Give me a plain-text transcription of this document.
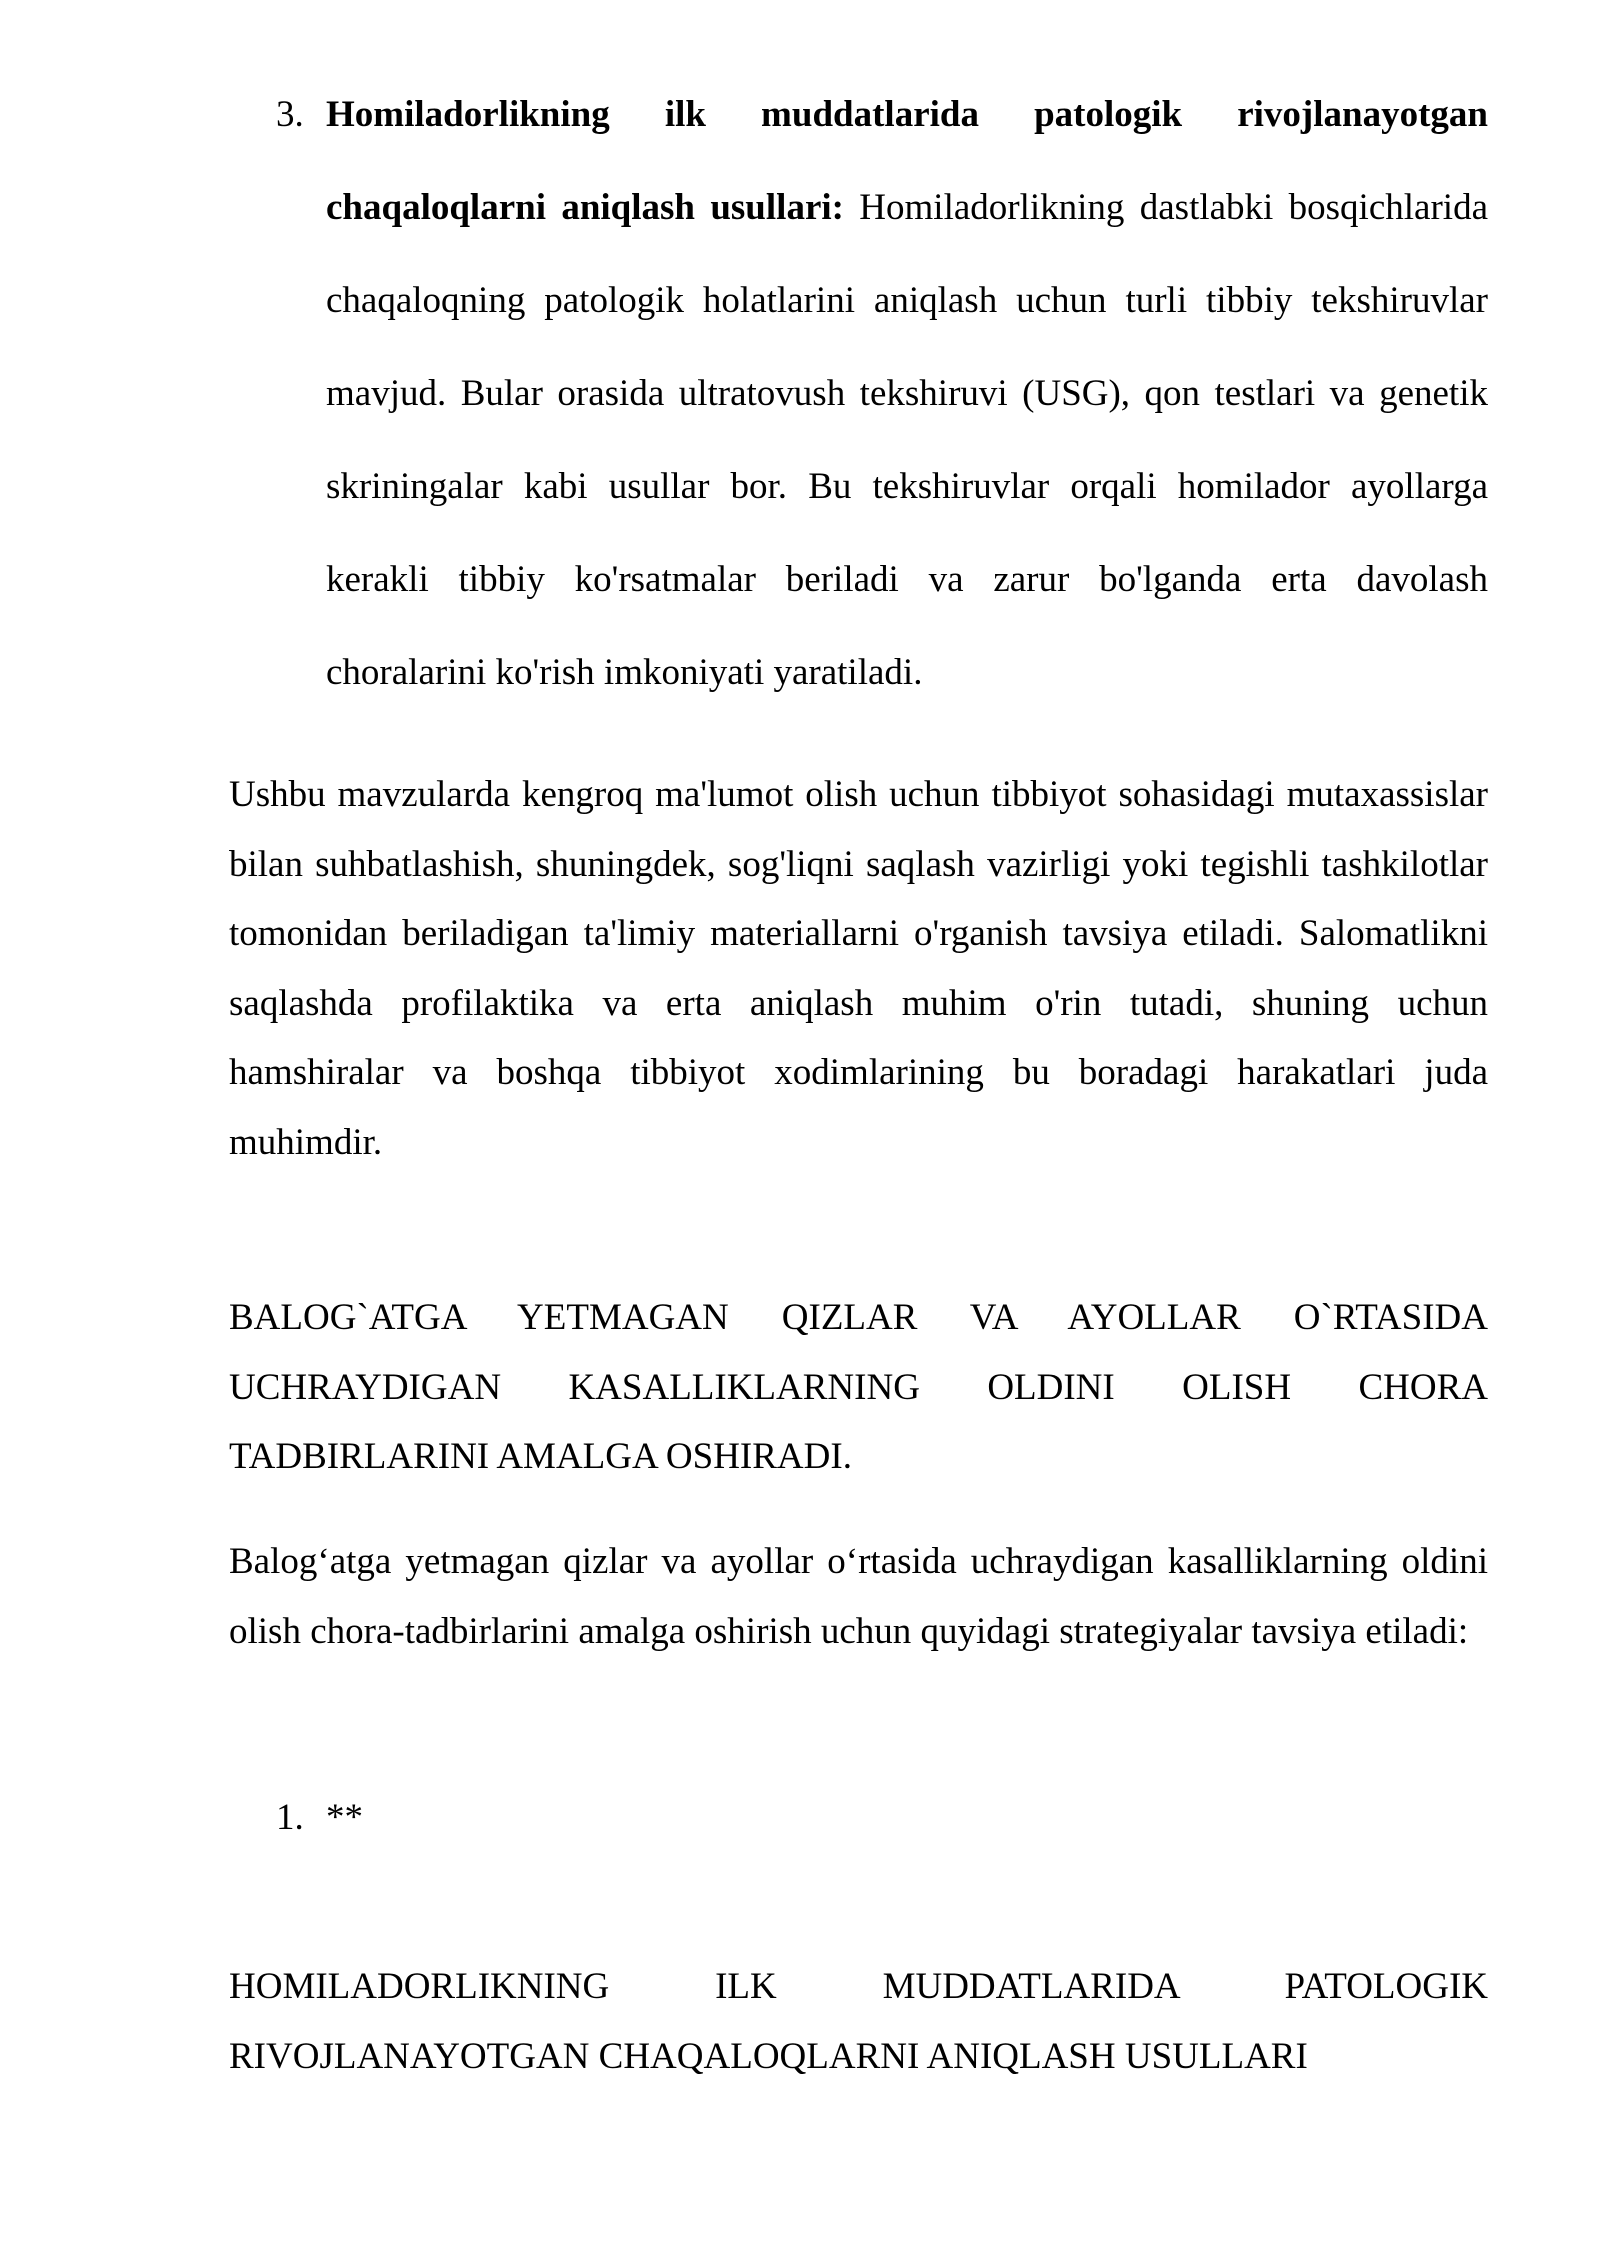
3. Homiladorlikning ilk muddatlarida patologik rivojlanayotgan chaqaloqlarni aniqlash usullari: Homiladorlikning dastlabki bosqichlarida chaqaloqning patologik holatlarini aniqlash uchun turli tibbiy tekshiruvlar mavjud. Bular orasida ultratovush tekshiruvi (USG), qon testlari va genetik skriningalar kabi usullar bor. Bu tekshiruvlar orqali homilador ayollarga kerakli tibbiy ko'rsatmalar beriladi va zarur bo'lganda erta davolash choralarini ko'rish imkoniyati yaratiladi.

Ushbu mavzularda kengroq ma'lumot olish uchun tibbiyot sohasidagi mutaxassislar bilan suhbatlashish, shuningdek, sog'liqni saqlash vazirligi yoki tegishli tashkilotlar tomonidan beriladigan ta'limiy materiallarni o'rganish tavsiya etiladi. Salomatlikni saqlashda profilaktika va erta aniqlash muhim o'rin tutadi, shuning uchun hamshiralar va boshqa tibbiyot xodimlarining bu boradagi harakatlari juda muhimdir.

BALOG`ATGA YETMAGAN QIZLAR VA AYOLLAR O`RTASIDA UCHRAYDIGAN KASALLIKLARNING OLDINI OLISH CHORA TADBIRLARINI AMALGA OSHIRADI.

Balog‘atga yetmagan qizlar va ayollar o‘rtasida uchraydigan kasalliklarning oldini olish chora-tadbirlarini amalga oshirish uchun quyidagi strategiyalar tavsiya etiladi:

1. **

HOMILADORLIKNING ILK MUDDATLARIDA PATOLOGIK RIVOJLANAYOTGAN CHAQALOQLARNI ANIQLASH USULLARI
